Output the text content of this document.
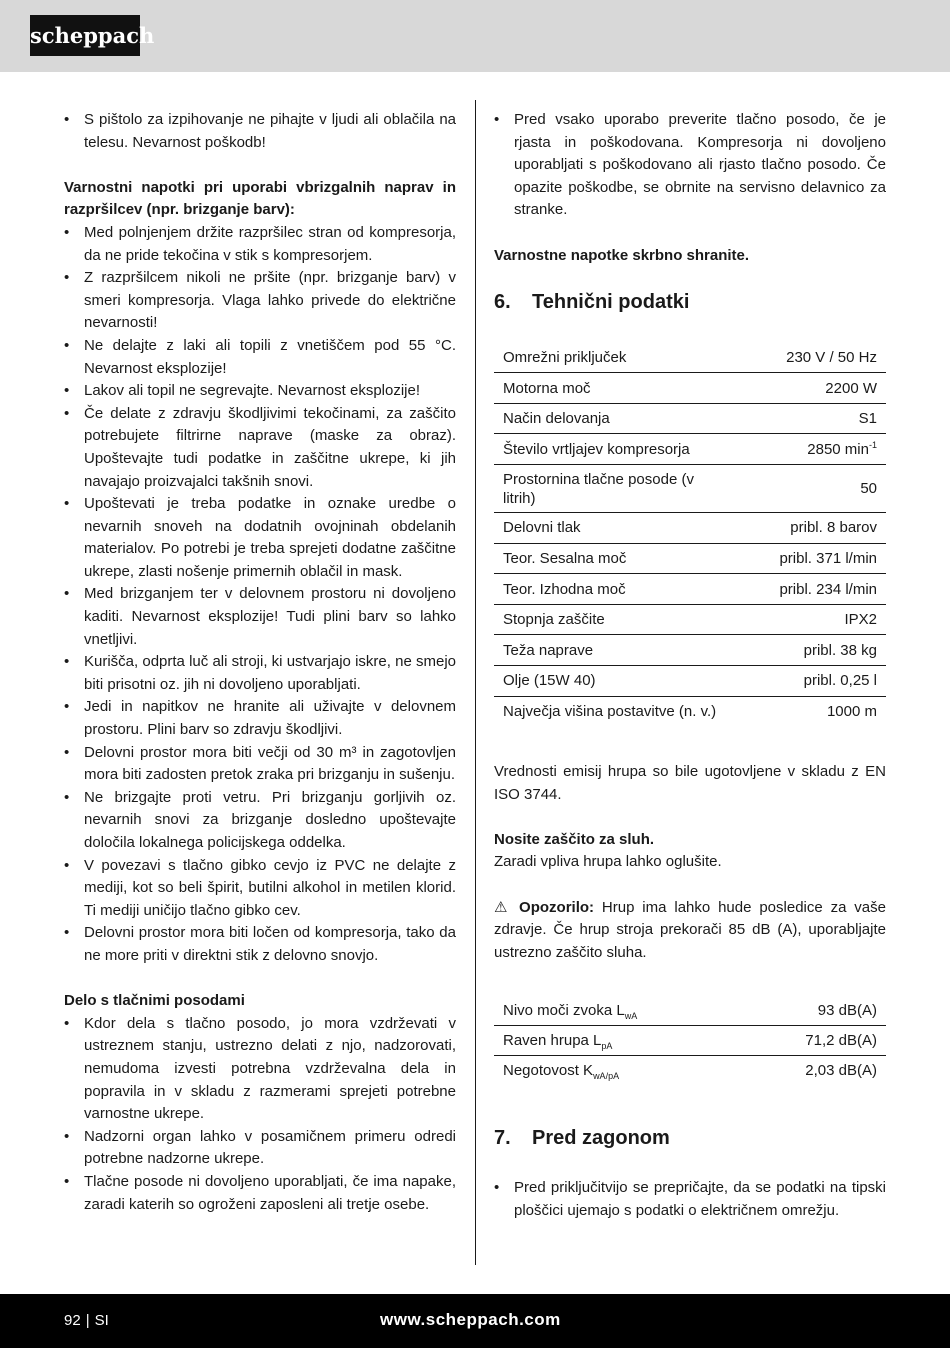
scheppach
• S pištolo za izpihovanje ne pihajte v ljudi ali oblačila na telesu. Nevarnost poškodb!
Varnostni napotki pri uporabi vbrizgalnih naprav in razpršilcev (npr. brizganje barv):
• Med polnjenjem držite razpršilec stran od kompresorja, da ne pride tekočina v stik s kompresorjem.
• Z razpršilcem nikoli ne pršite (npr. brizganje barv) v smeri kompresorja. Vlaga lahko privede do električne nevarnosti!
• Ne delajte z laki ali topili z vnetiščem pod 55 °C. Nevarnost eksplozije!
• Lakov ali topil ne segrevajte. Nevarnost eksplozije!
• Če delate z zdravju škodljivimi tekočinami, za zaščito potrebujete filtrirne naprave (maske za obraz). Upoštevajte tudi podatke in zaščitne ukrepe, ki jih navajajo proizvajalci takšnih snovi.
• Upoštevati je treba podatke in oznake uredbe o nevarnih snoveh na dodatnih ovojninah obdelanih materialov. Po potrebi je treba sprejeti dodatne zaščitne ukrepe, zlasti nošenje primernih oblačil in mask.
• Med brizganjem ter v delovnem prostoru ni dovoljeno kaditi. Nevarnost eksplozije! Tudi plini barv so lahko vnetljivi.
• Kurišča, odprta luč ali stroji, ki ustvarjajo iskre, ne smejo biti prisotni oz. jih ni dovoljeno uporabljati.
• Jedi in napitkov ne hranite ali uživajte v delovnem prostoru. Plini barv so zdravju škodljivi.
• Delovni prostor mora biti večji od 30 m³ in zagotovljen mora biti zadosten pretok zraka pri brizganju in sušenju.
• Ne brizgajte proti vetru. Pri brizganju gorljivih oz. nevarnih snovi za brizganje dosledno upoštevajte določila lokalnega policijskega oddelka.
• V povezavi s tlačno gibko cevjo iz PVC ne delajte z mediji, kot so beli špirit, butilni alkohol in metilen klorid. Ti mediji uničijo tlačno gibko cev.
• Delovni prostor mora biti ločen od kompresorja, tako da ne more priti v direktni stik z delovno snovjo.
Delo s tlačnimi posodami
• Kdor dela s tlačno posodo, jo mora vzdrževati v ustreznem stanju, ustrezno delati z njo, nadzorovati, nemudoma izvesti potrebna vzdrževalna dela in popravila in v skladu z razmerami sprejeti potrebne varnostne ukrepe.
• Nadzorni organ lahko v posamičnem primeru odredi potrebne nadzorne ukrepe.
• Tlačne posode ni dovoljeno uporabljati, če ima napake, zaradi katerih so ogroženi zaposleni ali tretje osebe.
• Pred vsako uporabo preverite tlačno posodo, če je rjasta in poškodovana. Kompresorja ni dovoljeno uporabljati s poškodovano ali rjasto tlačno posodo. Če opazite poškodbe, se obrnite na servisno delavnico za stranke.
Varnostne napotke skrbno shranite.
6. Tehnični podatki
Omrežni priključek	230 V / 50 Hz
Motorna moč	2200 W
Način delovanja	S1
Število vrtljajev kompresorja	2850 $\min^{-1}$
Prostornina tlačne posode (v litrih)	50
Delovni tlak	pribl. 8 barov
Teor. Sesalna moč	pribl. 371 l/min
Teor. Izhodna moč	pribl. 234 l/min
Stopnja zaščite	IPX2
Teža naprave	pribl. 38 kg
Olje (15W 40)	pribl. 0,25 l
Največja višina postavitve (n. v.)	1000 m

Vrednosti emisij hrupa so bile ugotovljene v skladu z EN ISO 3744.

Nosite zaščito za sluh.

Zaradi vpliva hrupa lahko oglušite.

⚠ Opozorilo: Hrup ima lahko hude posledice za vaše zdravje. Če hrup stroja prekorači 85 dB (A), uporabljajte ustrezno zaščito sluha.

Nivo moči zvoka $L_{wA}$	93 dB(A)
Raven hrupa $L_{pA}$	71,2 dB(A)
Negotovost $K_{wA/pA}$	2,03 dB(A)
7. Pred zagonom
• Pred priključitvijo se prepričajte, da se podatki na tipski ploščici ujemajo s podatki o električnem omrežju.
92 | SI	www.scheppach.com
